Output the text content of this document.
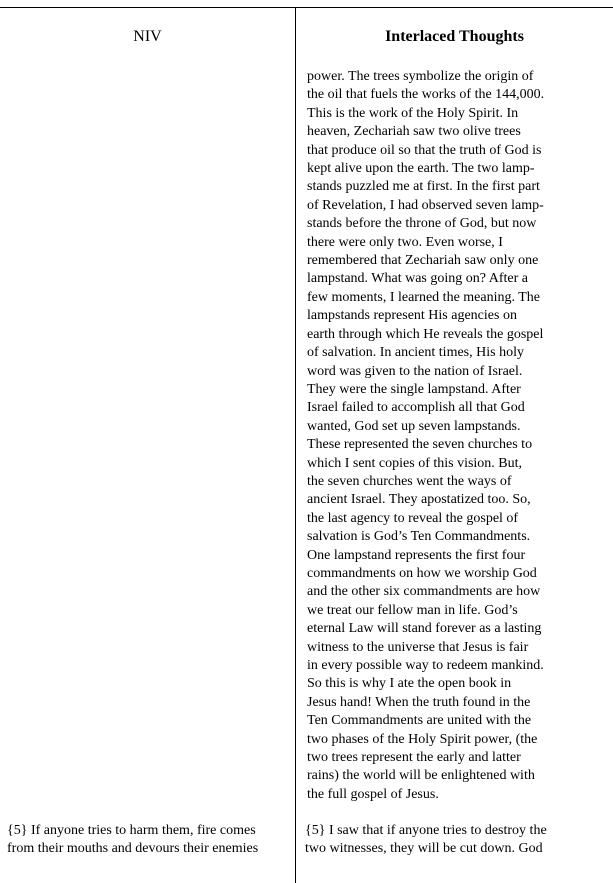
NIV	Interlaced Thoughts
power. The trees symbolize the origin of
the oil that fuels the works of the 144,000.
This is the work of the Holy Spirit. In
heaven, Zechariah saw two olive trees
that produce oil so that the truth of God is
kept alive upon the earth. The two lamp-
stands puzzled me at first. In the first part
of Revelation, I had observed seven lamp-
stands before the throne of God, but now
there were only two. Even worse, I
remembered that Zechariah saw only one
lampstand. What was going on? After a
few moments, I learned the meaning. The
lampstands represent His agencies on
earth through which He reveals the gospel
of salvation. In ancient times, His holy
word was given to the nation of Israel.
They were the single lampstand. After
Israel failed to accomplish all that God
wanted, God set up seven lampstands.
These represented the seven churches to
which I sent copies of this vision. But,
the seven churches went the ways of
ancient Israel. They apostatized too. So,
the last agency to reveal the gospel of
salvation is God’s Ten Commandments.
One lampstand represents the first four
commandments on how we worship God
and the other six commandments are how
we treat our fellow man in life. God’s
eternal Law will stand forever as a lasting
witness to the universe that Jesus is fair
in every possible way to redeem mankind.
So this is why I ate the open book in
Jesus hand! When the truth found in the
Ten Commandments are united with the
two phases of the Holy Spirit power, (the
two trees represent the early and latter
rains) the world will be enlightened with
the full gospel of Jesus.
{5} If anyone tries to harm them, fire comes
from their mouths and devours their enemies
{5} I saw that if anyone tries to destroy the
two witnesses, they will be cut down. God
